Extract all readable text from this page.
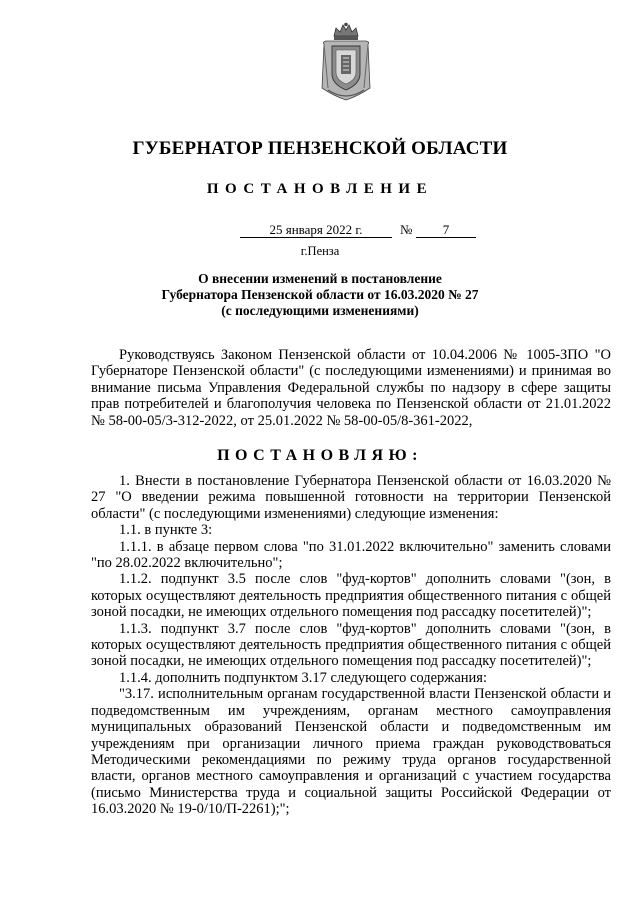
ГУБЕРНАТОР ПЕНЗЕНСКОЙ ОБЛАСТИ
ПОСТАНОВЛЕНИЕ
25 января 2022 г.	№	7
г.Пенза
О внесении изменений в постановление
Губернатора Пензенской области от 16.03.2020 № 27
(с последующими изменениями)

Руководствуясь Законом Пензенской области от 10.04.2006 № 1005-ЗПО "О Губернаторе Пензенской области" (с последующими изменениями) и принимая во внимание письма Управления Федеральной службы по надзору в сфере защиты прав потребителей и благополучия человека по Пензенской области от 21.01.2022 № 58-00-05/3-312-2022, от 25.01.2022 № 58-00-05/8-361-2022,

ПОСТАНОВЛЯЮ:

1. Внести в постановление Губернатора Пензенской области от 16.03.2020 № 27 "О введении режима повышенной готовности на территории Пензенской области" (с последующими изменениями) следующие изменения:

1.1. в пункте 3:

1.1.1. в абзаце первом слова "по 31.01.2022 включительно" заменить словами "по 28.02.2022 включительно";

1.1.2. подпункт 3.5 после слов "фуд-кортов" дополнить словами "(зон, в которых осуществляют деятельность предприятия общественного питания с общей зоной посадки, не имеющих отдельного помещения под рассадку посетителей)";

1.1.3. подпункт 3.7 после слов "фуд-кортов" дополнить словами "(зон, в которых осуществляют деятельность предприятия общественного питания с общей зоной посадки, не имеющих отдельного помещения под рассадку посетителей)";

1.1.4. дополнить подпунктом 3.17 следующего содержания:

"3.17. исполнительным органам государственной власти Пензенской области и подведомственным им учреждениям, органам местного самоуправления муниципальных образований Пензенской области и подведомственным им учреждениям при организации личного приема граждан руководствоваться Методическими рекомендациями по режиму труда органов государственной власти, органов местного самоуправления и организаций с участием государства (письмо Министерства труда и социальной защиты Российской Федерации от 16.03.2020 № 19-0/10/П-2261);";
